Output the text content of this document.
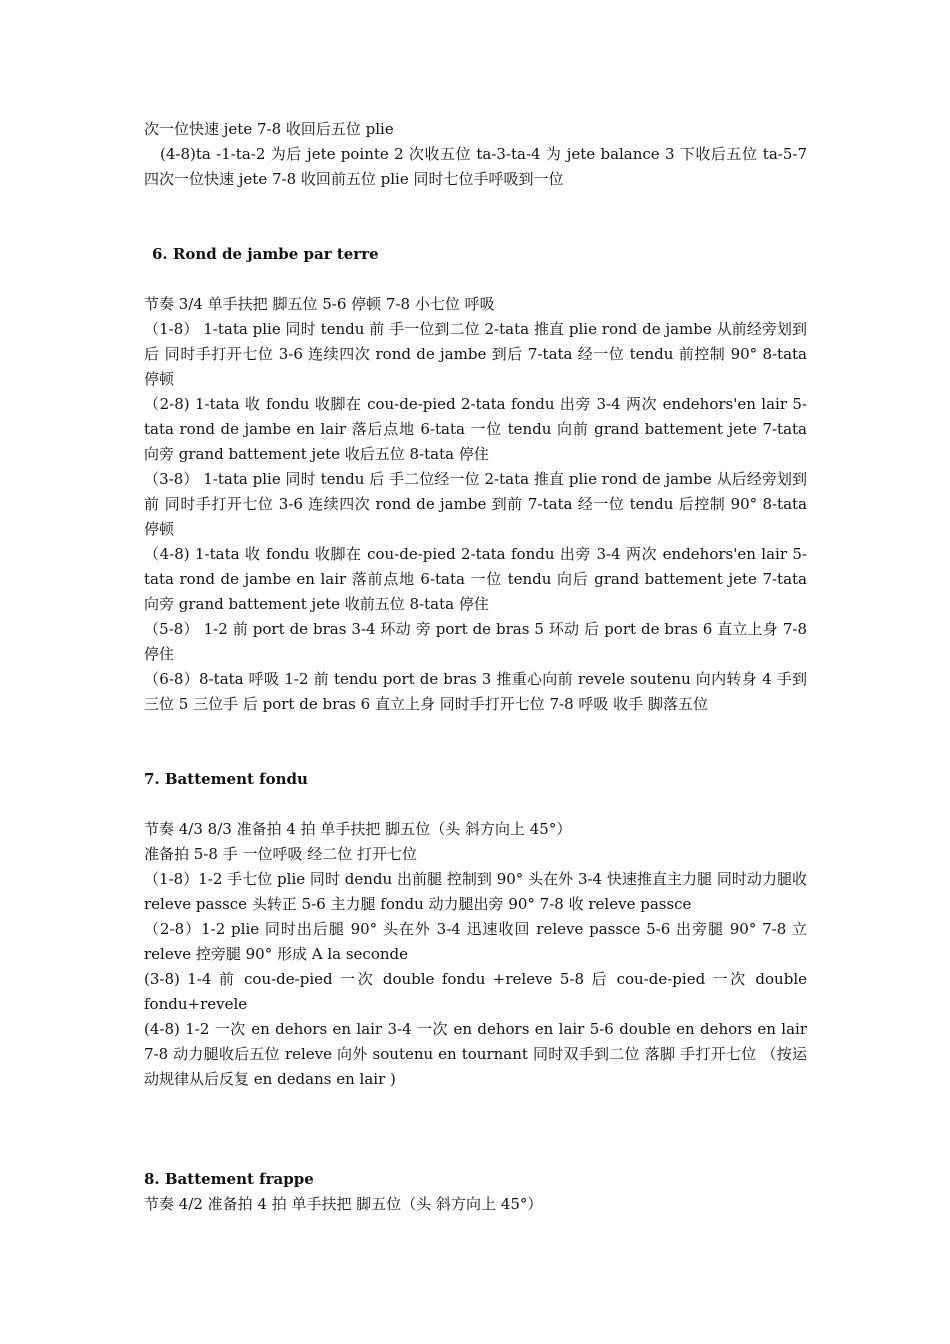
次一位快速 jete 7-8 收回后五位 plie

(4-8)ta -1-ta-2 为后 jete pointe 2 次收五位 ta-3-ta-4 为 jete balance 3 下收后五位 ta-5-7 四次一位快速 jete 7-8 收回前五位 plie 同时七位手呼吸到一位

6. Rond de jambe par terre

节奏 3/4 单手扶把 脚五位 5-6 停顿 7-8 小七位 呼吸

（1-8） 1-tata plie 同时 tendu 前 手一位到二位 2-tata 推直 plie rond de jambe 从前经旁划到后 同时手打开七位 3-6 连续四次 rond de jambe 到后 7-tata 经一位 tendu 前控制 90° 8-tata 停顿

（2-8) 1-tata 收 fondu 收脚在 cou-de-pied 2-tata fondu 出旁 3-4 两次 endehors'en lair 5-tata rond de jambe en lair 落后点地 6-tata 一位 tendu 向前 grand battement jete 7-tata 向旁 grand battement jete 收后五位 8-tata 停住

（3-8） 1-tata plie 同时 tendu 后 手二位经一位 2-tata 推直 plie rond de jambe 从后经旁划到前 同时手打开七位 3-6 连续四次 rond de jambe 到前 7-tata 经一位 tendu 后控制 90° 8-tata 停顿

（4-8) 1-tata 收 fondu 收脚在 cou-de-pied 2-tata fondu 出旁 3-4 两次 endehors'en lair 5-tata rond de jambe en lair 落前点地 6-tata 一位 tendu 向后 grand battement jete 7-tata 向旁 grand battement jete 收前五位 8-tata 停住

（5-8） 1-2 前 port de bras 3-4 环动 旁 port de bras 5 环动 后 port de bras 6 直立上身 7-8 停住

（6-8）8-tata 呼吸 1-2 前 tendu port de bras 3 推重心向前 revele soutenu 向内转身 4 手到三位 5 三位手 后 port de bras 6 直立上身 同时手打开七位 7-8 呼吸 收手 脚落五位

7. Battement fondu

节奏 4/3 8/3 准备拍 4 拍 单手扶把 脚五位（头 斜方向上 45°）

准备拍 5-8 手 一位呼吸 经二位 打开七位

（1-8）1-2 手七位 plie 同时 dendu 出前腿 控制到 90° 头在外 3-4 快速推直主力腿 同时动力腿收 releve passce 头转正 5-6 主力腿 fondu 动力腿出旁 90° 7-8 收 releve passce

（2-8）1-2 plie 同时出后腿 90° 头在外 3-4 迅速收回 releve passce 5-6 出旁腿 90° 7-8 立 releve 控旁腿 90° 形成 A la seconde

(3-8) 1-4 前 cou-de-pied 一次 double fondu +releve 5-8 后 cou-de-pied 一次 double fondu+revele

(4-8) 1-2 一次 en dehors en lair 3-4 一次 en dehors en lair 5-6 double en dehors en lair 7-8 动力腿收后五位 releve 向外 soutenu en tournant 同时双手到二位 落脚 手打开七位 （按运动规律从后反复 en dedans en lair )

8. Battement frappe

节奏 4/2 准备拍 4 拍 单手扶把 脚五位（头 斜方向上 45°）
